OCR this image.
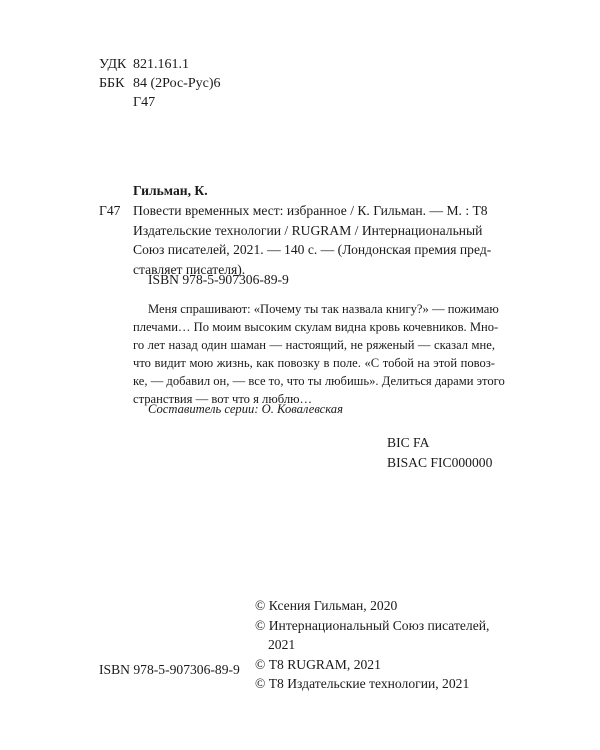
УДК 821.161.1
ББК 84 (2Рос-Рус)6
Г47
Гильман, К.
Г47 Повести временных мест: избранное / К. Гильман. — М. : Т8
Издательские технологии / RUGRAM / Интернациональный
Союз писателей, 2021. — 140 с. — (Лондонская премия пред-
ставляет писателя).
ISBN 978-5-907306-89-9
Меня спрашивают: «Почему ты так назвала книгу?» — пожимаю
плечами… По моим высоким скулам видна кровь кочевников. Мно-
го лет назад один шаман — настоящий, не ряженый — сказал мне,
что видит мою жизнь, как повозку в поле. «С тобой на этой повоз-
ке, — добавил он, — все то, что ты любишь». Делиться дарами этого
странствия — вот что я люблю…
Составитель серии: О. Ковалевская
BIC FA
BISAC FIC000000
ISBN 978-5-907306-89-9
© Ксения Гильман, 2020
© Интернациональный Союз писателей,
2021
© Т8 RUGRAM, 2021
© Т8 Издательские технологии, 2021
